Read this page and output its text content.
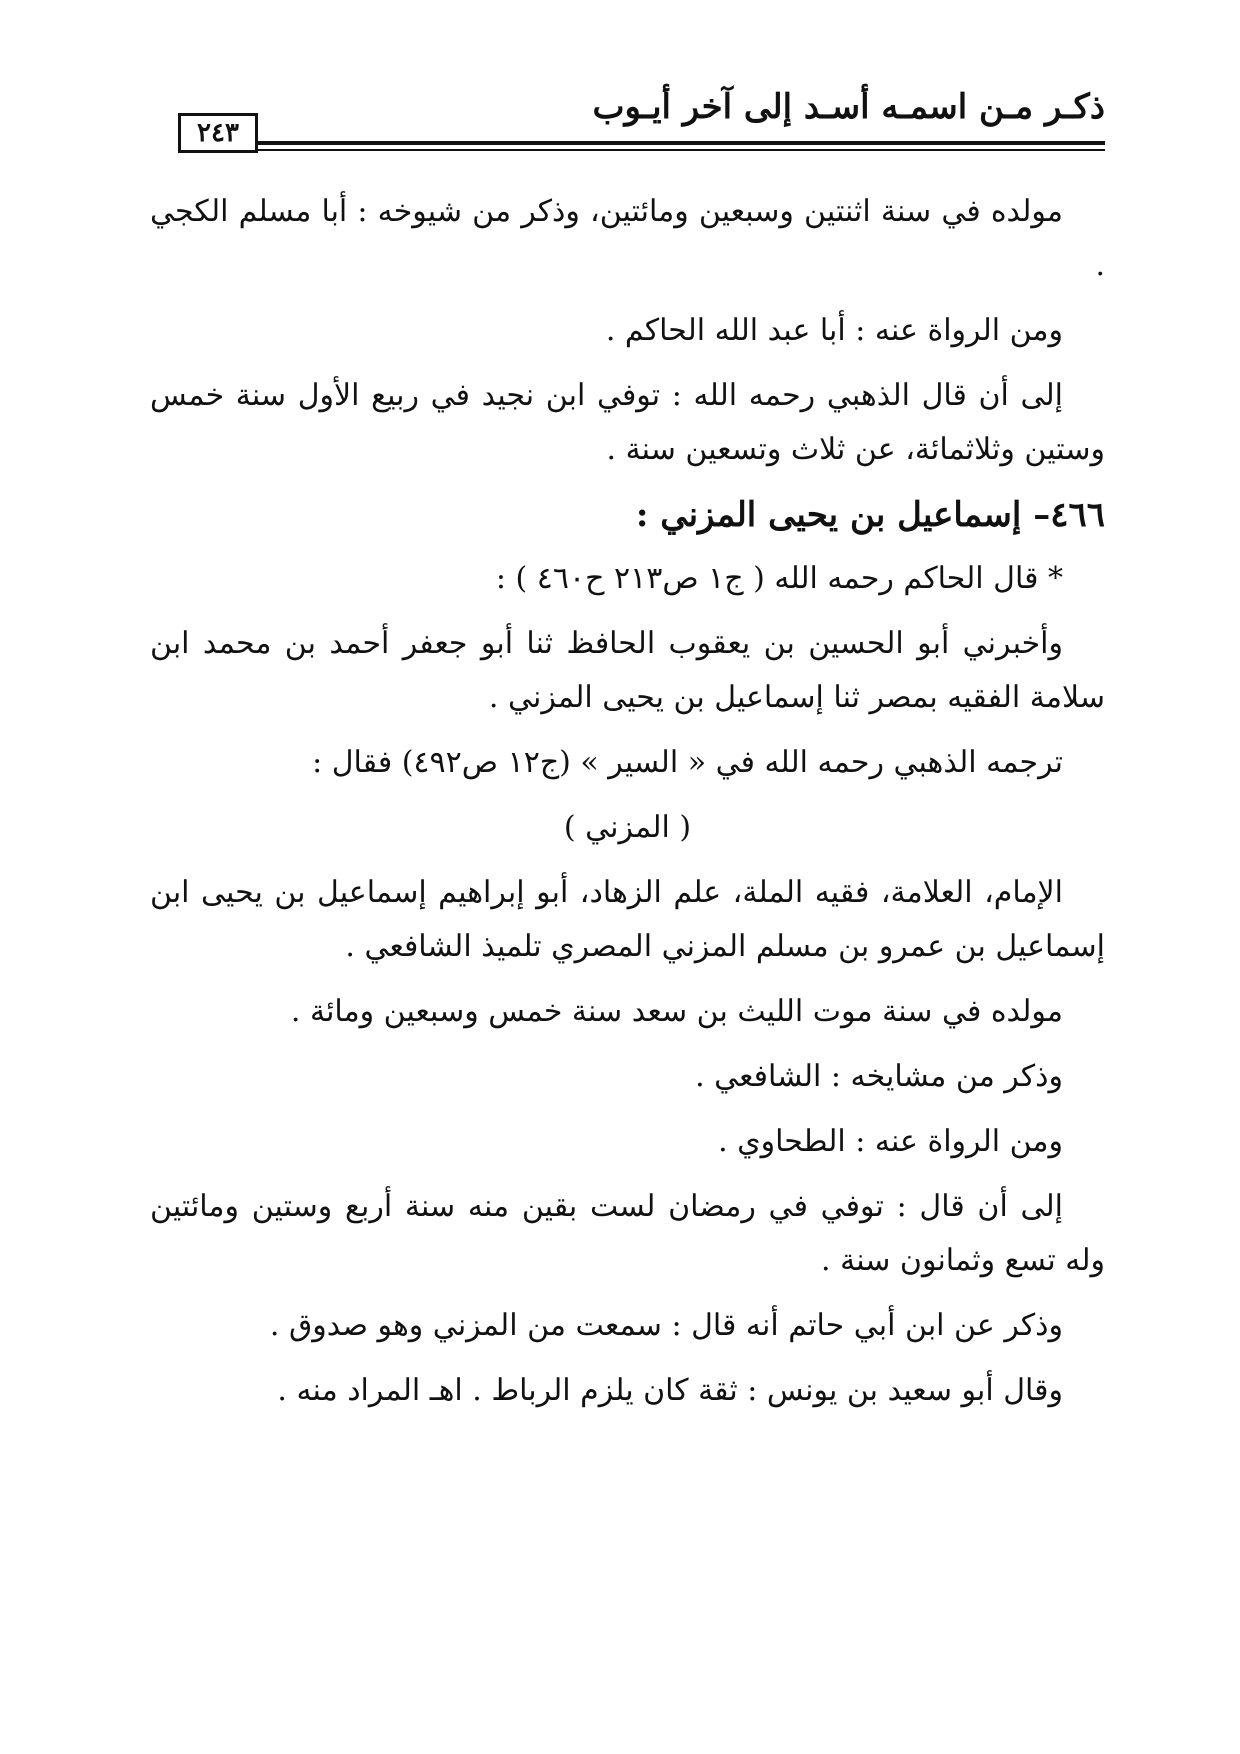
ذكـر مـن اسمـه أسـد إلى آخر أيـوب
٢٤٣

مولده في سنة اثنتين وسبعين ومائتين، وذكر من شيوخه : أبا مسلم الكجي .

ومن الرواة عنه : أبا عبد الله الحاكم .

إلى أن قال الذهبي رحمه الله : توفي ابن نجيد في ربيع الأول سنة خمس وستين وثلاثمائة، عن ثلاث وتسعين سنة .

٤٦٦– إسماعيل بن يحيى المزني :

* قال الحاكم رحمه الله ( ج١ ص٢١٣ ح٤٦٠ ) :

وأخبرني أبو الحسين بن يعقوب الحافظ ثنا أبو جعفر أحمد بن محمد ابن سلامة الفقيه بمصر ثنا إسماعيل بن يحيى المزني .

ترجمه الذهبي رحمه الله في « السير » (ج١٢ ص٤٩٢) فقال :

( المزني )

الإمام، العلامة، فقيه الملة، علم الزهاد، أبو إبراهيم إسماعيل بن يحيى ابن إسماعيل بن عمرو بن مسلم المزني المصري تلميذ الشافعي .

مولده في سنة موت الليث بن سعد سنة خمس وسبعين ومائة .

وذكر من مشايخه : الشافعي .

ومن الرواة عنه : الطحاوي .

إلى أن قال : توفي في رمضان لست بقين منه سنة أربع وستين ومائتين وله تسع وثمانون سنة .

وذكر عن ابن أبي حاتم أنه قال : سمعت من المزني وهو صدوق .

وقال أبو سعيد بن يونس : ثقة كان يلزم الرباط . اهـ المراد منه .
